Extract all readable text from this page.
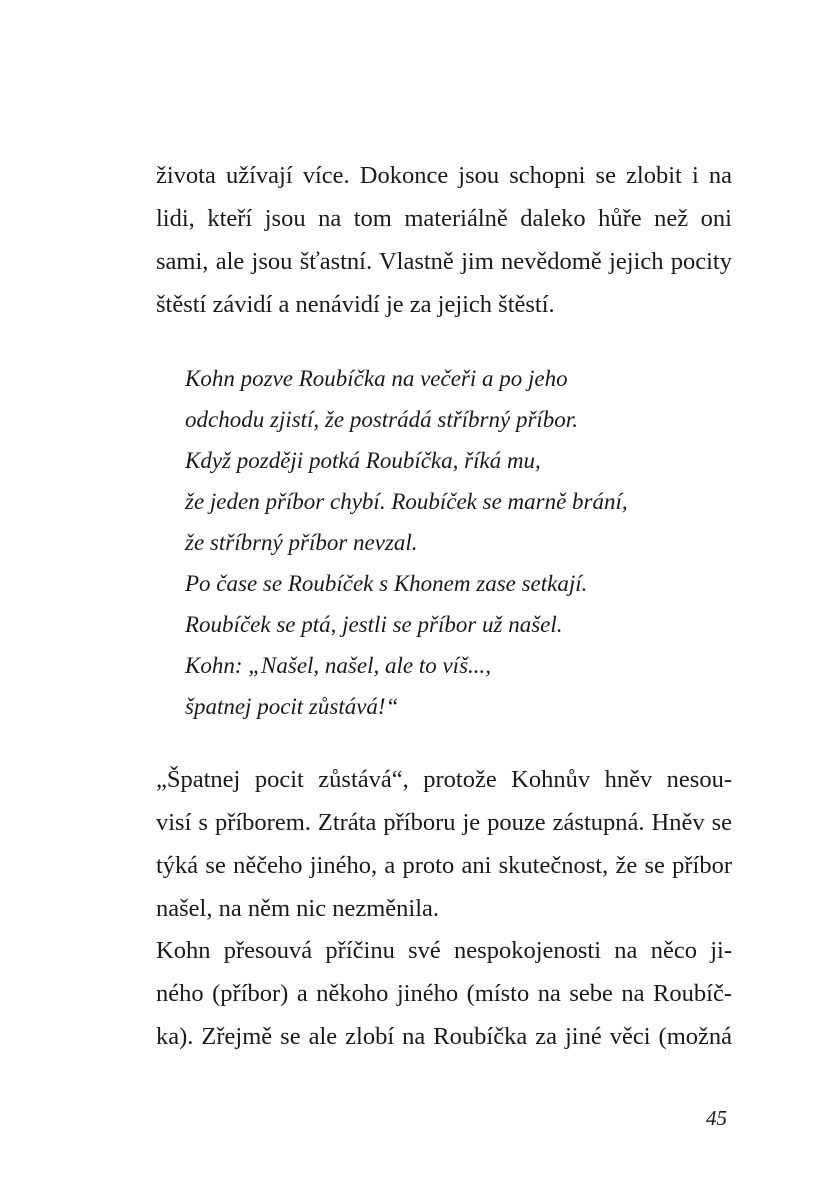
života užívají více. Dokonce jsou schopni se zlobit i na
lidi, kteří jsou na tom materiálně daleko hůře než oni
sami, ale jsou šťastní. Vlastně jim nevědomě jejich pocity
štěstí závidí a nenávidí je za jejich štěstí.

Kohn pozve Roubíčka na večeři a po jeho
odchodu zjistí, že postrádá stříbrný příbor.
Když později potká Roubíčka, říká mu,
že jeden příbor chybí. Roubíček se marně brání,
že stříbrný příbor nevzal.
Po čase se Roubíček s Khonem zase setkají.
Roubíček se ptá, jestli se příbor už našel.
Kohn: „Našel, našel, ale to víš...,
špatnej pocit zůstává!“

„Špatnej pocit zůstává“, protože Kohnův hněv nesou-
visí s příborem. Ztráta příboru je pouze zástupná. Hněv se
týká se něčeho jiného, a proto ani skutečnost, že se příbor
našel, na něm nic nezměnila.

Kohn přesouvá příčinu své nespokojenosti na něco ji-
ného (příbor) a někoho jiného (místo na sebe na Roubíč-
ka). Zřejmě se ale zlobí na Roubíčka za jiné věci (možná

45
